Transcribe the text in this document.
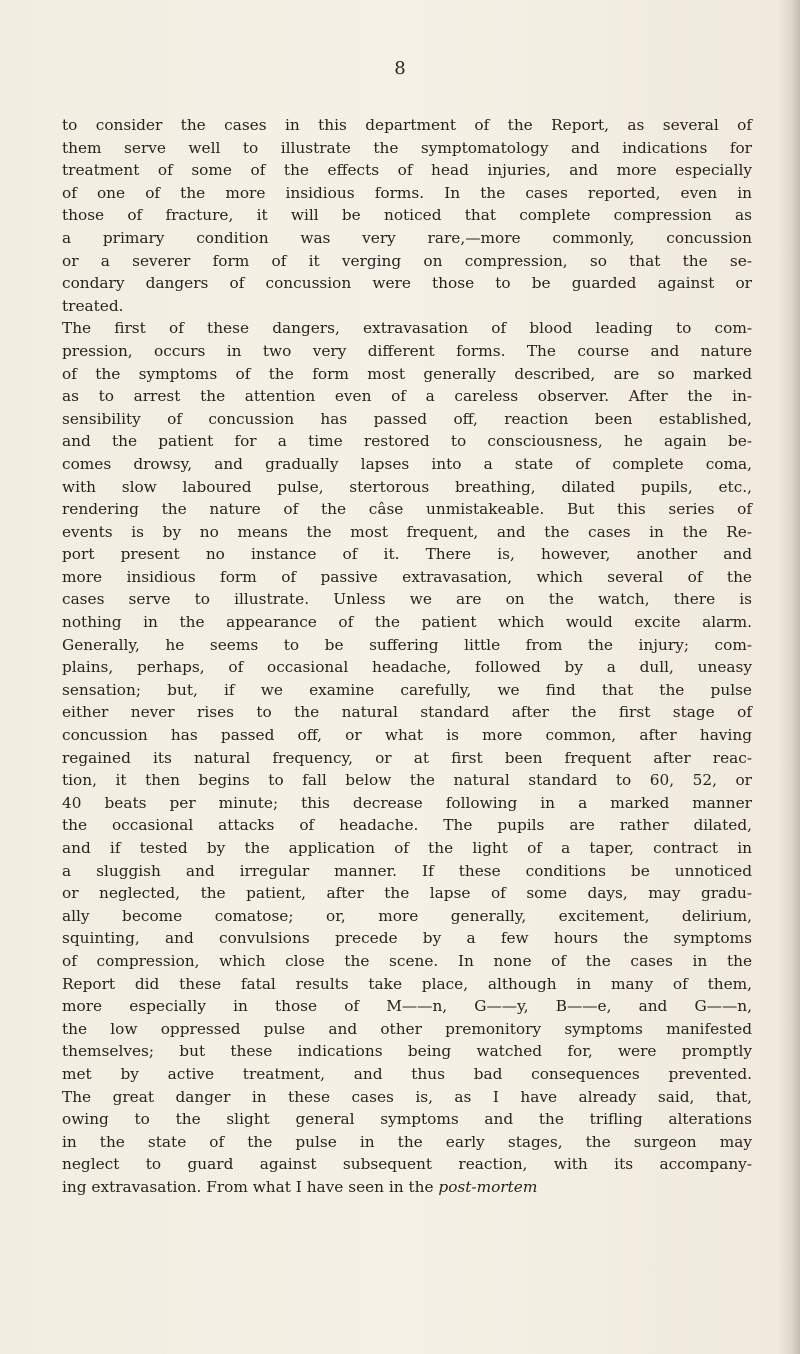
8
to consider the cases in this department of the Report, as several of
them serve well to illustrate the symptomatology and indications for
treatment of some of the effects of head injuries, and more especially
of one of the more insidious forms. In the cases reported, even in
those of fracture, it will be noticed that complete compression as
a primary condition was very rare,—more commonly, concussion
or a severer form of it verging on compression, so that the se-
condary dangers of concussion were those to be guarded against or
treated.
The first of these dangers, extravasation of blood leading to com-
pression, occurs in two very different forms. The course and nature
of the symptoms of the form most generally described, are so marked
as to arrest the attention even of a careless observer. After the in-
sensibility of concussion has passed off, reaction been established,
and the patient for a time restored to consciousness, he again be-
comes drowsy, and gradually lapses into a state of complete coma,
with slow laboured pulse, stertorous breathing, dilated pupils, etc.,
rendering the nature of the câse unmistakeable. But this series of
events is by no means the most frequent, and the cases in the Re-
port present no instance of it. There is, however, another and
more insidious form of passive extravasation, which several of the
cases serve to illustrate. Unless we are on the watch, there is
nothing in the appearance of the patient which would excite alarm.
Generally, he seems to be suffering little from the injury; com-
plains, perhaps, of occasional headache, followed by a dull, uneasy
sensation; but, if we examine carefully, we find that the pulse
either never rises to the natural standard after the first stage of
concussion has passed off, or what is more common, after having
regained its natural frequency, or at first been frequent after reac-
tion, it then begins to fall below the natural standard to 60, 52, or
40 beats per minute; this decrease following in a marked manner
the occasional attacks of headache. The pupils are rather dilated,
and if tested by the application of the light of a taper, contract in
a sluggish and irregular manner. If these conditions be unnoticed
or neglected, the patient, after the lapse of some days, may gradu-
ally become comatose; or, more generally, excitement, delirium,
squinting, and convulsions precede by a few hours the symptoms
of compression, which close the scene. In none of the cases in the
Report did these fatal results take place, although in many of them,
more especially in those of M——n, G——y, B——e, and G——n,
the low oppressed pulse and other premonitory symptoms manifested
themselves; but these indications being watched for, were promptly
met by active treatment, and thus bad consequences prevented.
The great danger in these cases is, as I have already said, that,
owing to the slight general symptoms and the trifling alterations
in the state of the pulse in the early stages, the surgeon may
neglect to guard against subsequent reaction, with its accompany-
ing extravasation. From what I have seen in the post-mortem
